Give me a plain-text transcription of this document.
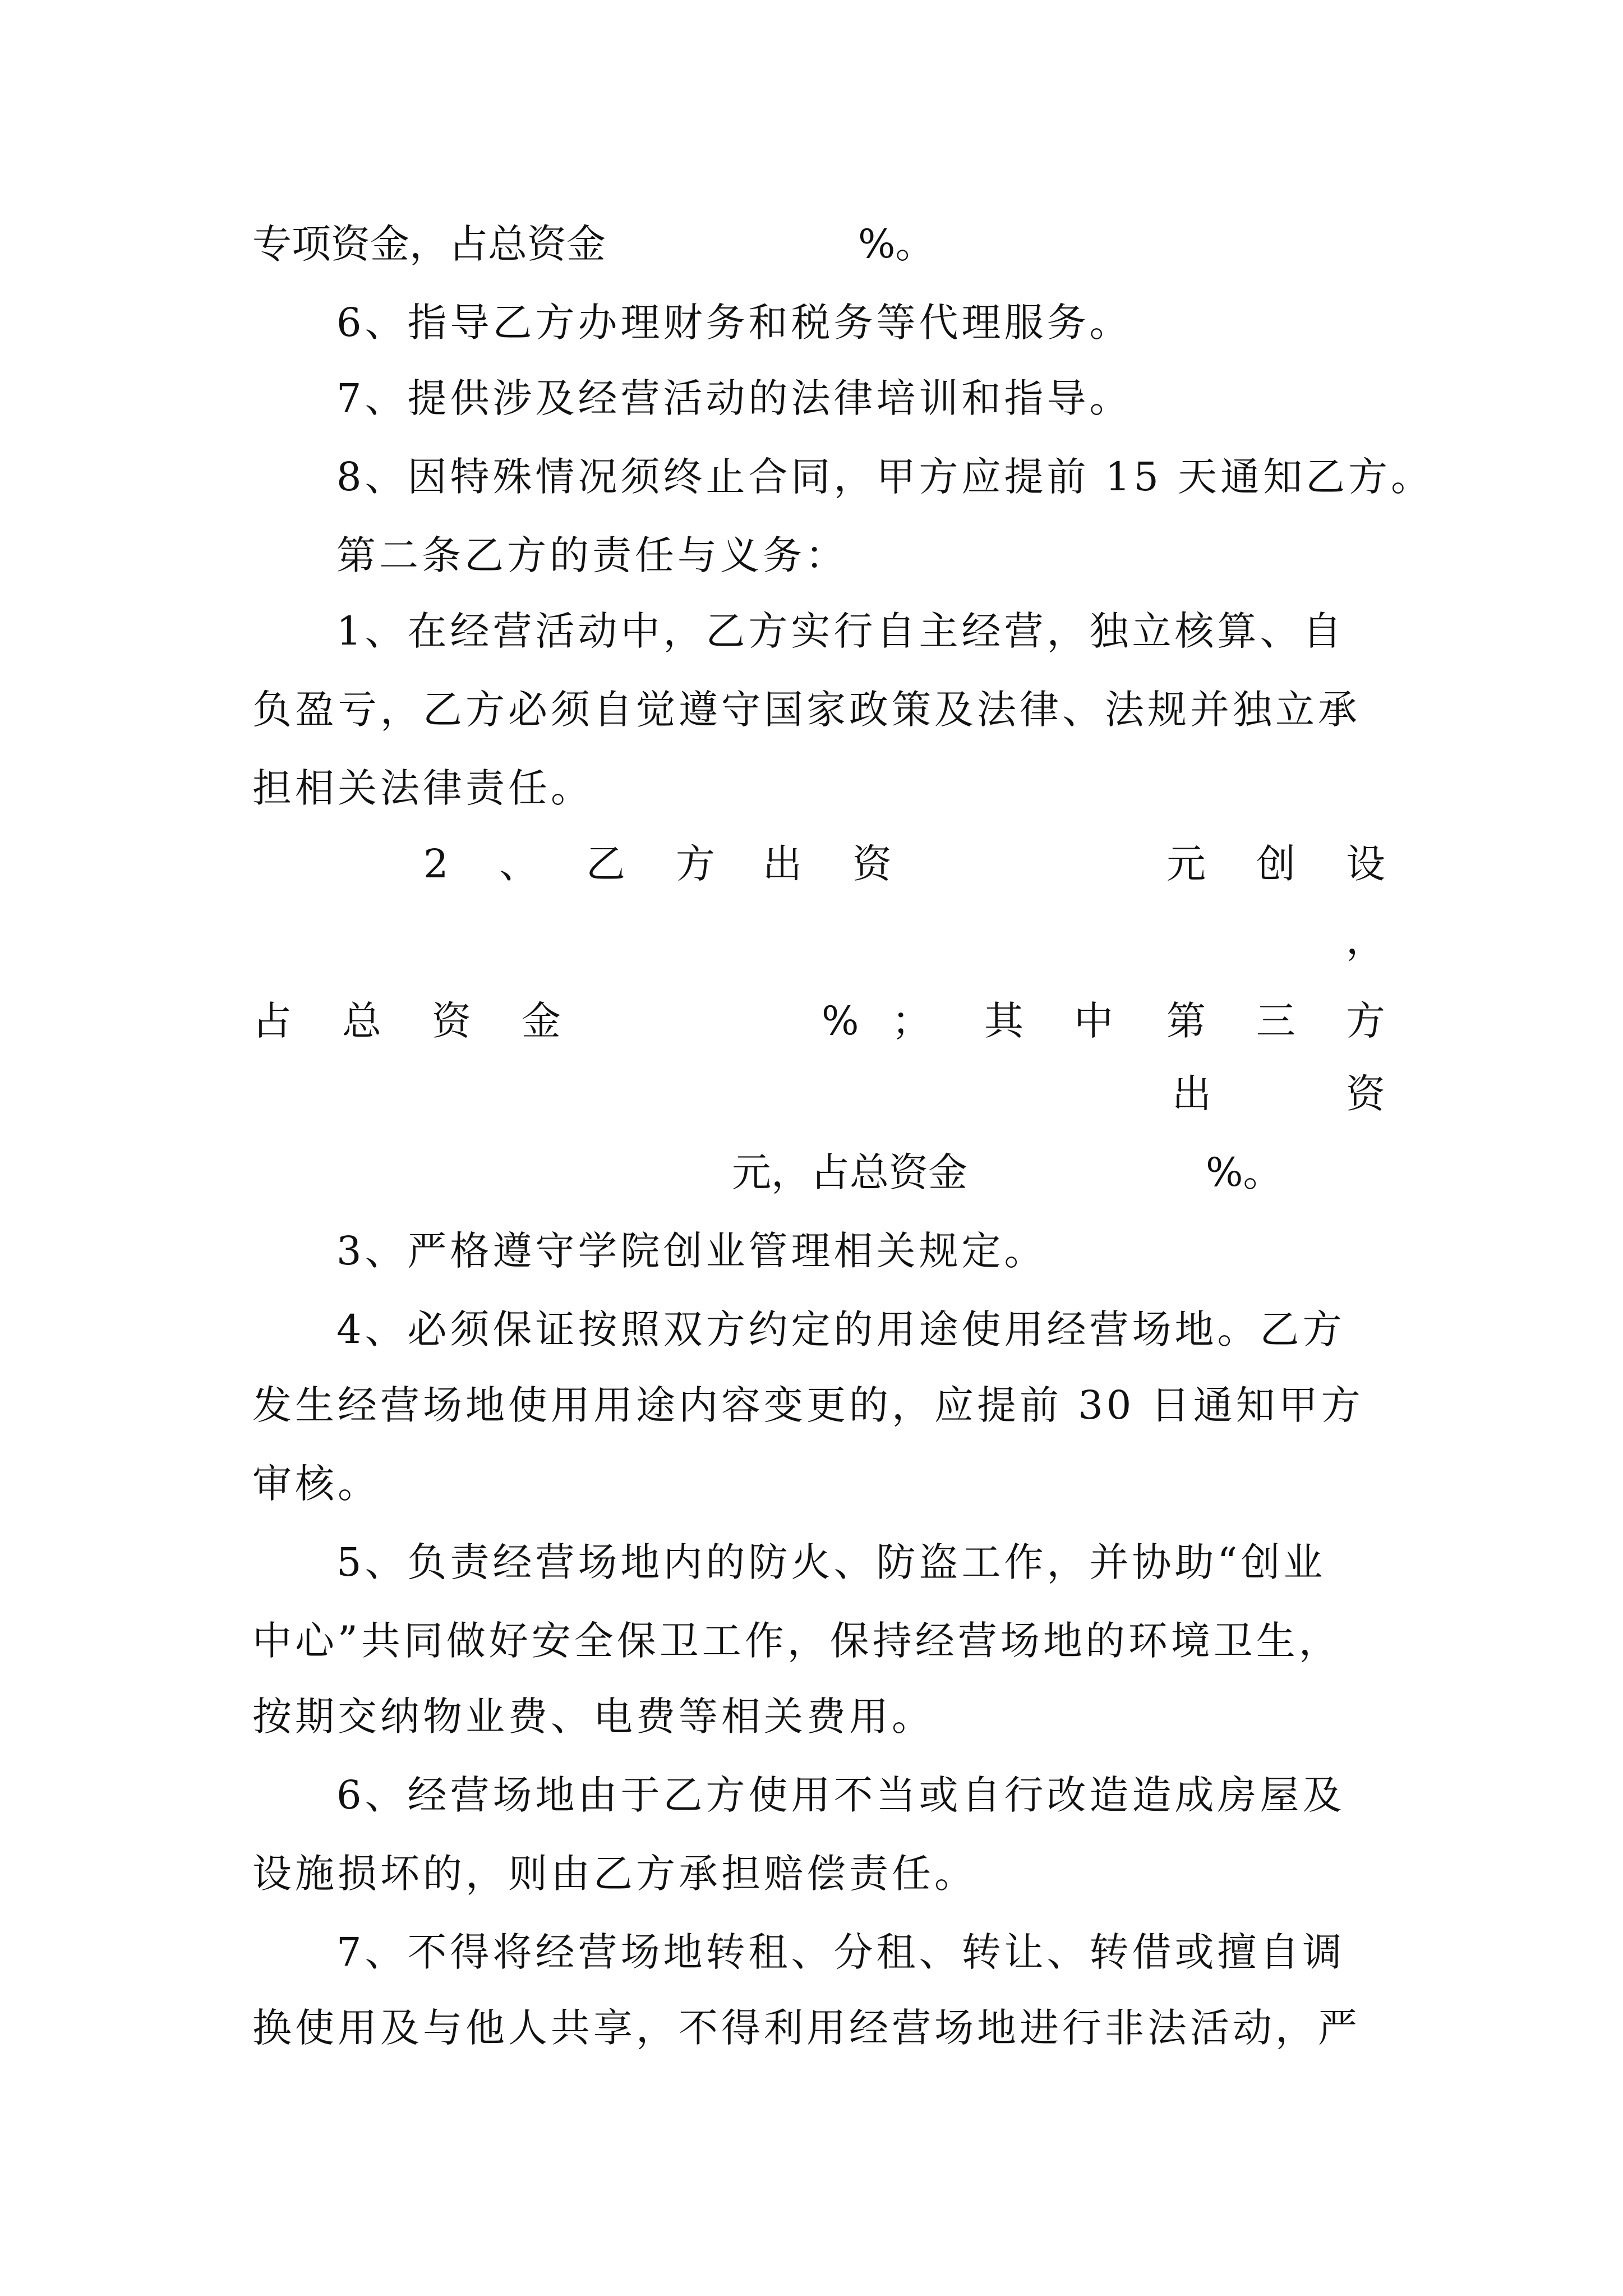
专项资金，占总资金	%。
6、指导乙方办理财务和税务等代理服务。
7、提供涉及经营活动的法律培训和指导。
8、因特殊情况须终止合同，甲方应提前 15 天通知乙方。
第二条乙方的责任与义务：
1、在经营活动中，乙方实行自主经营，独立核算、自
负盈亏，乙方必须自觉遵守国家政策及法律、法规并独立承
担相关法律责任。
2 、 乙 方 出 资	元 创 设
，
占 总 资 金	% ； 其 中 第 三 方
出	资
元，占总资金	%。
3、严格遵守学院创业管理相关规定。
4、必须保证按照双方约定的用途使用经营场地。乙方
发生经营场地使用用途内容变更的，应提前 30 日通知甲方
审核。
5、负责经营场地内的防火、防盗工作，并协助“创业
中心”共同做好安全保卫工作，保持经营场地的环境卫生，
按期交纳物业费、电费等相关费用。
6、经营场地由于乙方使用不当或自行改造造成房屋及
设施损坏的，则由乙方承担赔偿责任。
7、不得将经营场地转租、分租、转让、转借或擅自调
换使用及与他人共享，不得利用经营场地进行非法活动，严
